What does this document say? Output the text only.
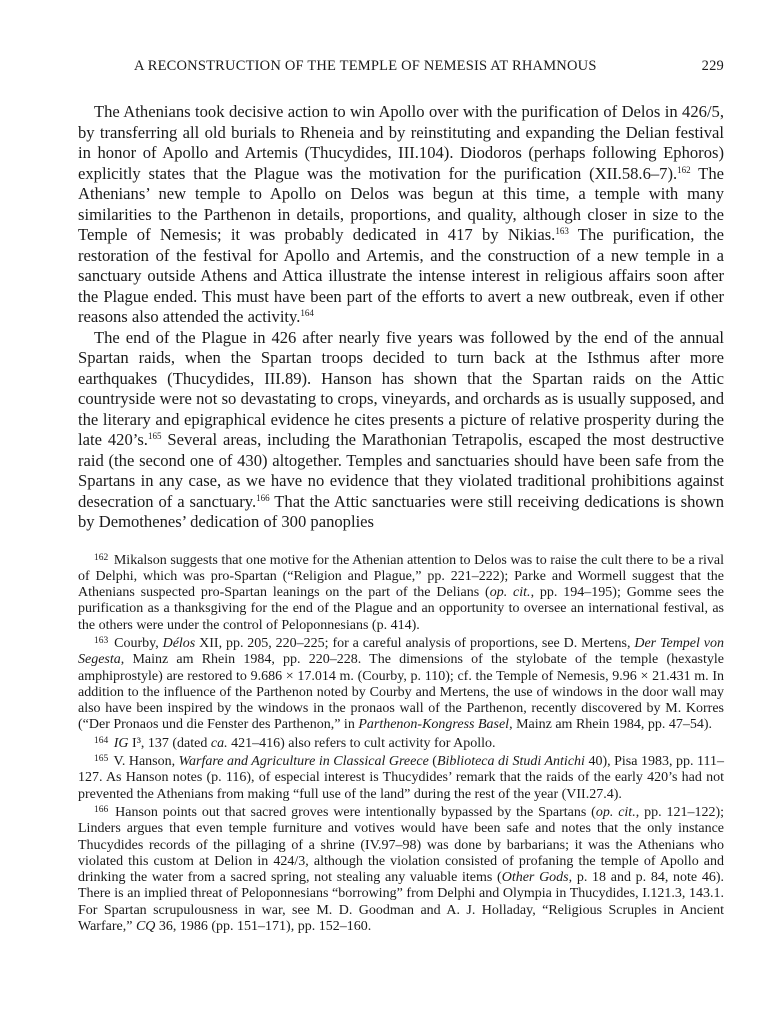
A RECONSTRUCTION OF THE TEMPLE OF NEMESIS AT RHAMNOUS	229

The Athenians took decisive action to win Apollo over with the purification of Delos in 426/5, by transferring all old burials to Rheneia and by reinstituting and expanding the Delian festival in honor of Apollo and Artemis (Thucydides, III.104). Diodoros (perhaps following Ephoros) explicitly states that the Plague was the motivation for the purification (XII.58.6–7).$^{162}$ The Athenians’ new temple to Apollo on Delos was begun at this time, a temple with many similarities to the Parthenon in details, proportions, and quality, although closer in size to the Temple of Nemesis; it was probably dedicated in 417 by Nikias.$^{163}$ The purification, the restoration of the festival for Apollo and Artemis, and the construction of a new temple in a sanctuary outside Athens and Attica illustrate the intense interest in religious affairs soon after the Plague ended. This must have been part of the efforts to avert a new outbreak, even if other reasons also attended the activity.$^{164}$

The end of the Plague in 426 after nearly five years was followed by the end of the annual Spartan raids, when the Spartan troops decided to turn back at the Isthmus after more earthquakes (Thucydides, III.89). Hanson has shown that the Spartan raids on the Attic countryside were not so devastating to crops, vineyards, and orchards as is usually supposed, and the literary and epigraphical evidence he cites presents a picture of relative prosperity during the late 420’s.$^{165}$ Several areas, including the Marathonian Tetrapolis, escaped the most destructive raid (the second one of 430) altogether. Temples and sanctuaries should have been safe from the Spartans in any case, as we have no evidence that they violated traditional prohibitions against desecration of a sanctuary.$^{166}$ That the Attic sanctuaries were still receiving dedications is shown by Demothenes’ dedication of 300 panoplies

$^{162}$ Mikalson suggests that one motive for the Athenian attention to Delos was to raise the cult there to be a rival of Delphi, which was pro-Spartan (“Religion and Plague,” pp. 221–222); Parke and Wormell suggest that the Athenians suspected pro-Spartan leanings on the part of the Delians (op. cit., pp. 194–195); Gomme sees the purification as a thanksgiving for the end of the Plague and an opportunity to oversee an international festival, as the others were under the control of Peloponnesians (p. 414).

$^{163}$ Courby, Délos XII, pp. 205, 220–225; for a careful analysis of proportions, see D. Mertens, Der Tempel von Segesta, Mainz am Rhein 1984, pp. 220–228. The dimensions of the stylobate of the temple (hexastyle amphiprostyle) are restored to 9.686 × 17.014 m. (Courby, p. 110); cf. the Temple of Nemesis, 9.96 × 21.431 m. In addition to the influence of the Parthenon noted by Courby and Mertens, the use of windows in the door wall may also have been inspired by the windows in the pronaos wall of the Parthenon, recently discovered by M. Korres (“Der Pronaos und die Fenster des Parthenon,” in Parthenon-Kongress Basel, Mainz am Rhein 1984, pp. 47–54).

$^{164}$ IG I³, 137 (dated ca. 421–416) also refers to cult activity for Apollo.

$^{165}$ V. Hanson, Warfare and Agriculture in Classical Greece (Biblioteca di Studi Antichi 40), Pisa 1983, pp. 111–127. As Hanson notes (p. 116), of especial interest is Thucydides’ remark that the raids of the early 420’s had not prevented the Athenians from making “full use of the land” during the rest of the year (VII.27.4).

$^{166}$ Hanson points out that sacred groves were intentionally bypassed by the Spartans (op. cit., pp. 121–122); Linders argues that even temple furniture and votives would have been safe and notes that the only instance Thucydides records of the pillaging of a shrine (IV.97–98) was done by barbarians; it was the Athenians who violated this custom at Delion in 424/3, although the violation consisted of profaning the temple of Apollo and drinking the water from a sacred spring, not stealing any valuable items (Other Gods, p. 18 and p. 84, note 46). There is an implied threat of Peloponnesians “borrowing” from Delphi and Olympia in Thucydides, I.121.3, 143.1. For Spartan scrupulousness in war, see M. D. Goodman and A. J. Holladay, “Religious Scruples in Ancient Warfare,” CQ 36, 1986 (pp. 151–171), pp. 152–160.
